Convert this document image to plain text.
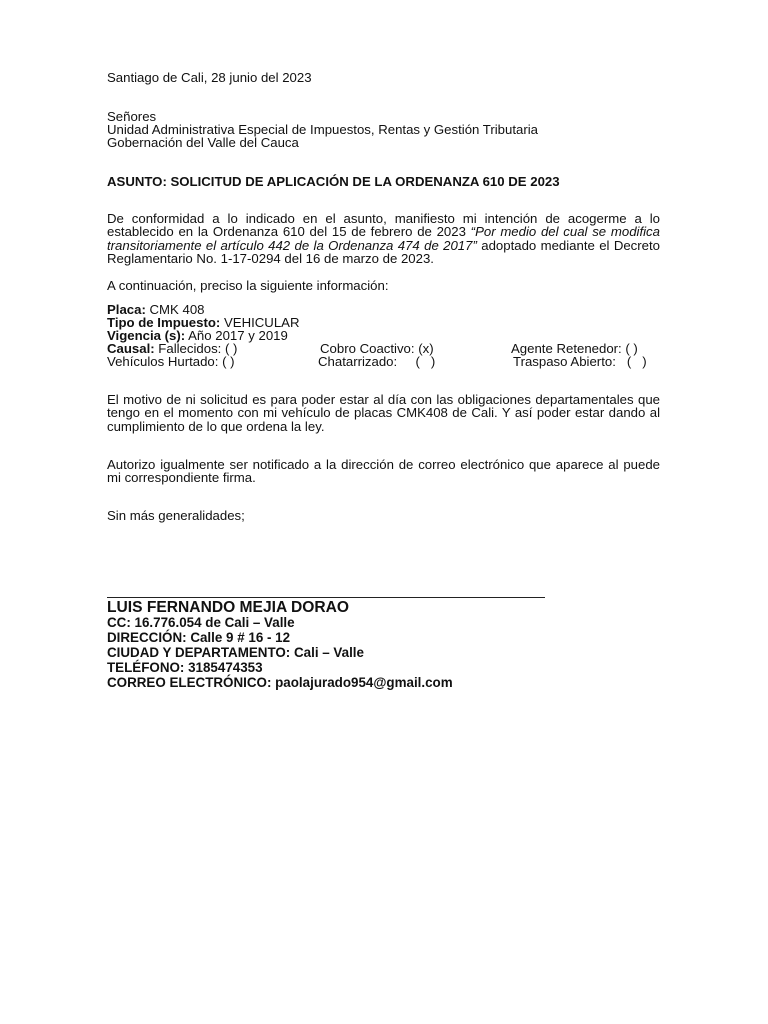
Santiago de Cali, 28 junio del 2023
Señores
Unidad Administrativa Especial de Impuestos, Rentas y Gestión Tributaria
Gobernación del Valle del Cauca
ASUNTO: SOLICITUD DE APLICACIÓN DE LA ORDENANZA 610 DE 2023
De conformidad a lo indicado en el asunto, manifiesto mi intención de acogerme a lo establecido en la Ordenanza 610 del 15 de febrero de 2023 “Por medio del cual se modifica transitoriamente el artículo 442 de la Ordenanza 474 de 2017” adoptado mediante el Decreto Reglamentario No. 1-17-0294 del 16 de marzo de 2023.
A continuación, preciso la siguiente información:
Placa: CMK 408
Tipo de Impuesto: VEHICULAR
Vigencia (s): Año 2017 y 2019
Causal: Fallecidos: ( )	Cobro Coactivo: (x)	Agente Retenedor: ( )
Vehículos Hurtado: ( )	Chatarrizado:     (   )	Traspaso Abierto:   (   )
El motivo de ni solicitud es para poder estar al día con las obligaciones departamentales que tengo en el momento con mi vehículo de placas CMK408 de Cali. Y así poder estar dando al cumplimiento de lo que ordena la ley.
Autorizo igualmente ser notificado a la dirección de correo electrónico que aparece al puede mi correspondiente firma.
Sin más generalidades;
LUIS FERNANDO MEJIA DORAO
CC: 16.776.054 de Cali – Valle
DIRECCIÓN: Calle 9 # 16 - 12
CIUDAD Y DEPARTAMENTO: Cali – Valle
TELÉFONO: 3185474353
CORREO ELECTRÓNICO: paolajurado954@gmail.com
